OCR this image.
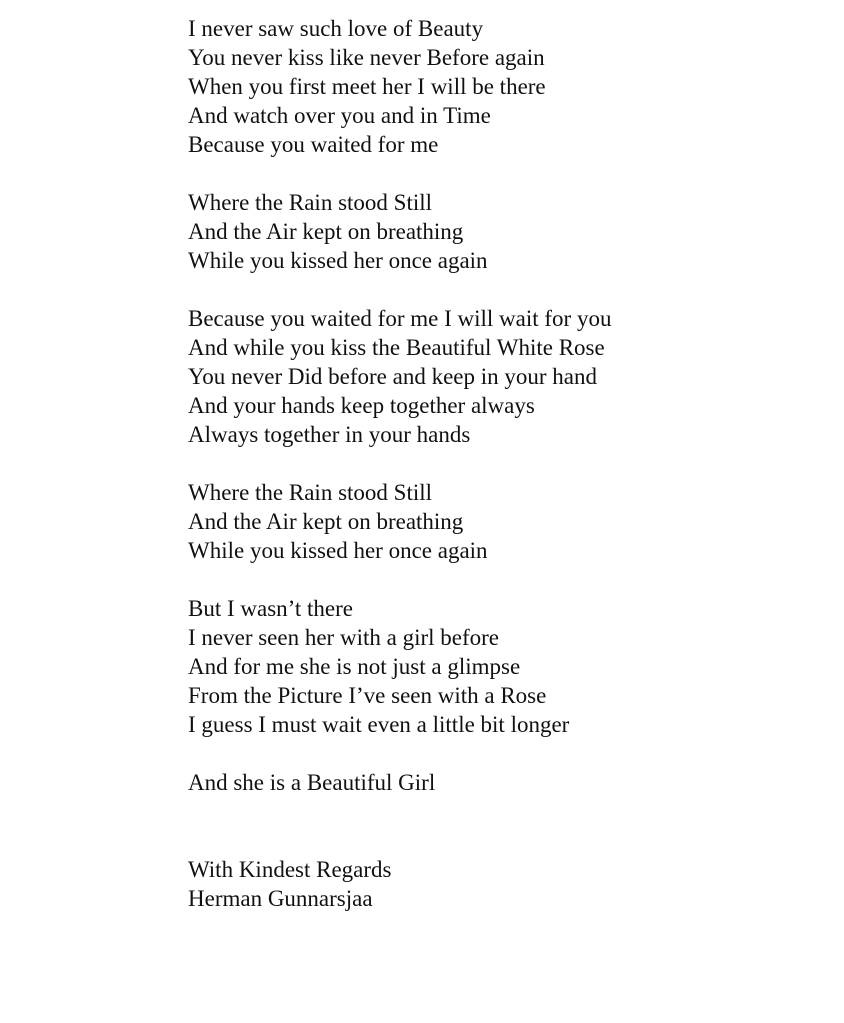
I never saw such love of Beauty
You never kiss like never Before again
When you first meet her I will be there
And watch over you and in Time
Because you waited for me
Where the Rain stood Still
And the Air kept on breathing
While you kissed her once again
Because you waited for me I will wait for you
And while you kiss the Beautiful White Rose
You never Did before and keep in your hand
And your hands keep together always
Always together in your hands
Where the Rain stood Still
And the Air kept on breathing
While you kissed her once again
But I wasn’t there
I never seen her with a girl before
And for me she is not just a glimpse
From the Picture I’ve seen with a Rose
I guess I must wait even a little bit longer
And she is a Beautiful Girl
With Kindest Regards
Herman Gunnarsjaa
